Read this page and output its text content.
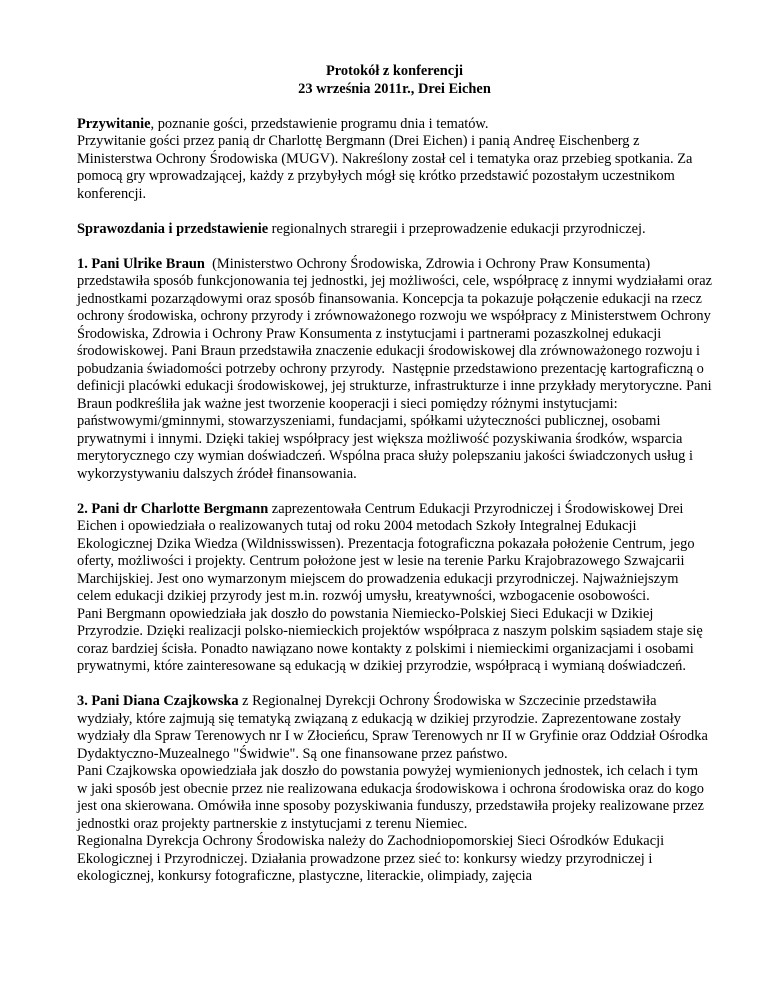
Protokół z konferencji

23 września 2011r., Drei Eichen

Przywitanie, poznanie gości, przedstawienie programu dnia i tematów.

Przywitanie gości przez panią dr Charlottę Bergmann (Drei Eichen) i panią Andreę Eischenberg z Ministerstwa Ochrony Środowiska (MUGV). Nakreślony został cel i tematyka oraz przebieg spotkania. Za pomocą gry wprowadzającej, każdy z przybyłych mógł się krótko przedstawić pozostałym uczestnikom konferencji.

Sprawozdania i przedstawienie regionalnych straregii i przeprowadzenie edukacji przyrodniczej.

1. Pani Ulrike Braun  (Ministerstwo Ochrony Środowiska, Zdrowia i Ochrony Praw Konsumenta) przedstawiła sposób funkcjonowania tej jednostki, jej możliwości, cele, współpracę z innymi wydziałami oraz jednostkami pozarządowymi oraz sposób finansowania. Koncepcja ta pokazuje połączenie edukacji na rzecz ochrony środowiska, ochrony przyrody i zrównoważonego rozwoju we współpracy z Ministerstwem Ochrony Środowiska, Zdrowia i Ochrony Praw Konsumenta z instytucjami i partnerami pozaszkolnej edukacji środowiskowej. Pani Braun przedstawiła znaczenie edukacji środowiskowej dla zrównoważonego rozwoju i pobudzania świadomości potrzeby ochrony przyrody.  Następnie przedstawiono prezentację kartograficzną o definicji placówki edukacji środowiskowej, jej strukturze, infrastrukturze i inne przykłady merytoryczne. Pani Braun podkreśliła jak ważne jest tworzenie kooperacji i sieci pomiędzy różnymi instytucjami: państwowymi/gminnymi, stowarzyszeniami, fundacjami, spółkami użyteczności publicznej, osobami prywatnymi i innymi. Dzięki takiej współpracy jest większa możliwość pozyskiwania środków, wsparcia merytorycznego czy wymian doświadczeń. Wspólna praca służy polepszaniu jakości świadczonych usług i wykorzystywaniu dalszych źródeł finansowania.

2. Pani dr Charlotte Bergmann zaprezentowała Centrum Edukacji Przyrodniczej i Środowiskowej Drei Eichen i opowiedziała o realizowanych tutaj od roku 2004 metodach Szkoły Integralnej Edukacji Ekologicznej Dzika Wiedza (Wildnisswissen). Prezentacja fotograficzna pokazała położenie Centrum, jego oferty, możliwości i projekty. Centrum położone jest w lesie na terenie Parku Krajobrazowego Szwajcarii Marchijskiej. Jest ono wymarzonym miejscem do prowadzenia edukacji przyrodniczej. Najważniejszym celem edukacji dzikiej przyrody jest m.in. rozwój umysłu, kreatywności, wzbogacenie osobowości.

Pani Bergmann opowiedziała jak doszło do powstania Niemiecko-Polskiej Sieci Edukacji w Dzikiej Przyrodzie. Dzięki realizacji polsko-niemieckich projektów współpraca z naszym polskim sąsiadem staje się coraz bardziej ścisła. Ponadto nawiązano nowe kontakty z polskimi i niemieckimi organizacjami i osobami prywatnymi, które zainteresowane są edukacją w dzikiej przyrodzie, współpracą i wymianą doświadczeń.

3. Pani Diana Czajkowska z Regionalnej Dyrekcji Ochrony Środowiska w Szczecinie przedstawiła wydziały, które zajmują się tematyką związaną z edukacją w dzikiej przyrodzie. Zaprezentowane zostały wydziały dla Spraw Terenowych nr I w Złocieńcu, Spraw Terenowych nr II w Gryfinie oraz Oddział Ośrodka Dydaktyczno-Muzealnego "Świdwie". Są one finansowane przez państwo.

Pani Czajkowska opowiedziała jak doszło do powstania powyżej wymienionych jednostek, ich celach i tym w jaki sposób jest obecnie przez nie realizowana edukacja środowiskowa i ochrona środowiska oraz do kogo jest ona skierowana. Omówiła inne sposoby pozyskiwania funduszy, przedstawiła projeky realizowane przez jednostki oraz projekty partnerskie z instytucjami z terenu Niemiec.

Regionalna Dyrekcja Ochrony Środowiska należy do Zachodniopomorskiej Sieci Ośrodków Edukacji Ekologicznej i Przyrodniczej. Działania prowadzone przez sieć to: konkursy wiedzy przyrodniczej i ekologicznej, konkursy fotograficzne, plastyczne, literackie, olimpiady, zajęcia
